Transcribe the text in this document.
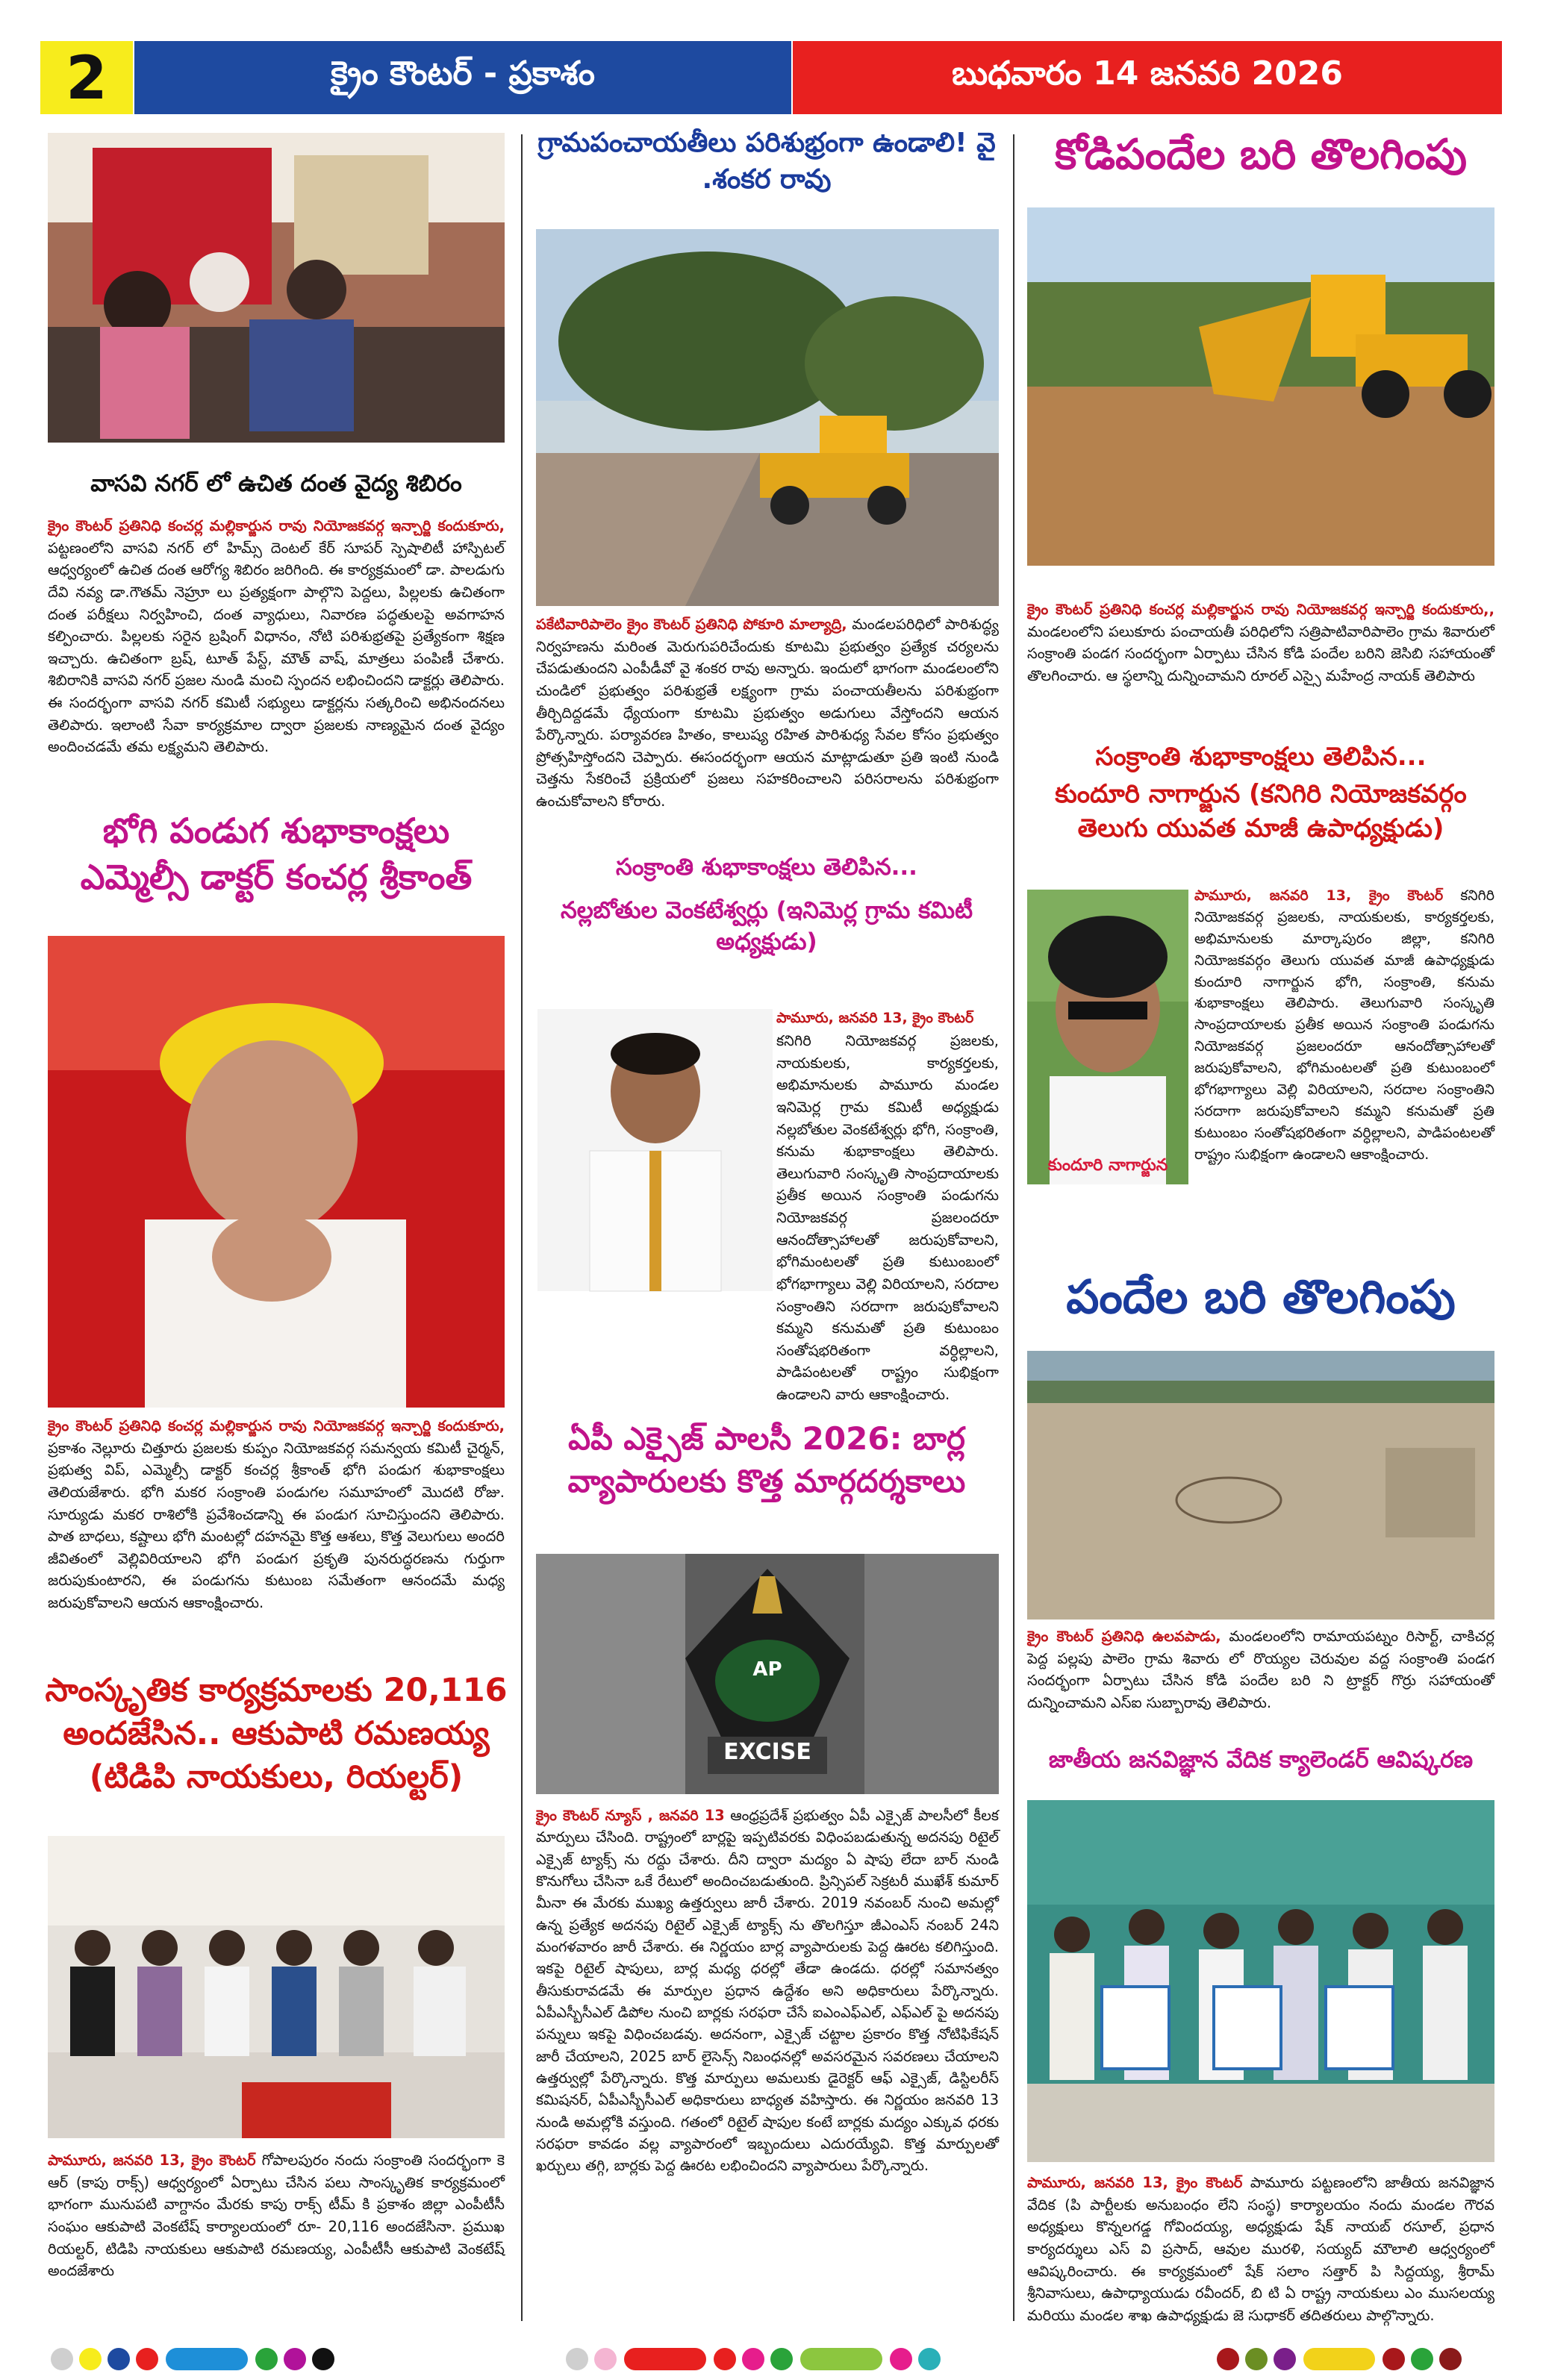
2	క్రైం కౌంటర్ - ప్రకాశం	బుధవారం 14 జనవరి 2026
వాసవి నగర్ లో ఉచిత దంత వైద్య శిబిరం
క్రైం కౌంటర్ ప్రతినిధి కంచర్ల మల్లికార్జున రావు నియోజకవర్గ ఇన్చార్జి కందుకూరు, పట్టణంలోని వాసవి నగర్ లో హిమ్స్ దెంటల్ కేర్ సూపర్ స్పెషాలిటీ హాస్పిటల్ ఆధ్వర్యంలో ఉచిత దంత ఆరోగ్య శిబిరం జరిగింది. ఈ కార్యక్రమంలో డా. పాలడుగు దేవి నవ్య డా.గౌతమ్ నెహ్రూ లు ప్రత్యక్షంగా పాల్గొని పెద్దలు, పిల్లలకు ఉచితంగా దంత పరీక్షలు నిర్వహించి, దంత వ్యాధులు, నివారణ పద్ధతులపై అవగాహన కల్పించారు. పిల్లలకు సరైన బ్రషింగ్ విధానం, నోటి పరిశుభ్రతపై ప్రత్యేకంగా శిక్షణ ఇచ్చారు. ఉచితంగా బ్రష్, టూత్ పేస్ట్, మౌత్ వాష్, మాత్రలు పంపిణీ చేశారు. శిబిరానికి వాసవి నగర్ ప్రజల నుండి మంచి స్పందన లభించిందని డాక్టర్లు తెలిపారు. ఈ సందర్భంగా వాసవి నగర్ కమిటీ సభ్యులు డాక్టర్లను సత్కరించి అభినందనలు తెలిపారు. ఇలాంటి సేవా కార్యక్రమాల ద్వారా ప్రజలకు నాణ్యమైన దంత వైద్యం అందించడమే తమ లక్ష్యమని తెలిపారు.
భోగి పండుగ శుభాకాంక్షలు ఎమ్మెల్సీ డాక్టర్ కంచర్ల శ్రీకాంత్
క్రైం కౌంటర్ ప్రతినిధి కంచర్ల మల్లికార్జున రావు నియోజకవర్గ ఇన్చార్జి కందుకూరు, ప్రకాశం నెల్లూరు చిత్తూరు ప్రజలకు కుప్పం నియోజకవర్గ సమన్వయ కమిటీ చైర్మన్, ప్రభుత్వ విప్, ఎమ్మెల్సీ డాక్టర్ కంచర్ల శ్రీకాంత్ భోగి పండుగ శుభాకాంక్షలు తెలియజేశారు. భోగి మకర సంక్రాంతి పండుగల సమూహంలో మొదటి రోజు. సూర్యుడు మకర రాశిలోకి ప్రవేశించడాన్ని ఈ పండుగ సూచిస్తుందని తెలిపారు. పాత బాధలు, కష్టాలు భోగి మంటల్లో దహనమై కొత్త ఆశలు, కొత్త వెలుగులు అందరి జీవితంలో వెల్లివిరియాలని భోగి పండుగ ప్రకృతి పునరుద్ధరణను గుర్తుగా జరుపుకుంటారని, ఈ పండుగను కుటుంబ సమేతంగా ఆనందమే మధ్య జరుపుకోవాలని ఆయన ఆకాంక్షించారు.
సాంస్కృతిక కార్యక్రమాలకు 20,116 అందజేసిన.. ఆకుపాటి రమణయ్య (టిడిపి నాయకులు, రియల్టర్)
పామూరు, జనవరి 13, క్రైం కౌంటర్ గోపాలపురం నందు సంక్రాంతి సందర్భంగా కె ఆర్ (కాపు రాక్స్) ఆధ్వర్యంలో ఏర్పాటు చేసిన పలు సాంస్కృతిక కార్యక్రమంలో భాగంగా మునుపటి వాగ్దానం మేరకు కాపు రాక్స్ టీమ్ కి ప్రకాశం జిల్లా ఎంపీటీసీ సంఘం ఆకుపాటి వెంకటేష్ కార్యాలయంలో రూ- 20,116 అందజేసినా. ప్రముఖ రియల్టర్, టిడిపి నాయకులు ఆకుపాటి రమణయ్య, ఎంపీటీసీ ఆకుపాటి వెంకటేష్ అందజేశారు
గ్రామపంచాయతీలు పరిశుభ్రంగా ఉండాలి! వై .శంకర రావు
పకేటివారిపాలెం క్రైం కౌంటర్ ప్రతినిధి పోకూరి మాల్యాద్రి, మండలపరిధిలో పారిశుద్ధ్య నిర్వహణను మరింత మెరుగుపరిచేందుకు కూటమి ప్రభుత్వం ప్రత్యేక చర్యలను చేపడుతుందని ఎంపీడీవో వై శంకర రావు అన్నారు. ఇందులో భాగంగా మండలంలోని చుండిలో ప్రభుత్వం పరిశుభ్రతే లక్ష్యంగా గ్రామ పంచాయతీలను పరిశుభ్రంగా తీర్చిదిద్దడమే ధ్యేయంగా కూటమి ప్రభుత్వం అడుగులు వేస్తోందని ఆయన పేర్కొన్నారు. పర్యావరణ హితం, కాలుష్య రహిత పారిశుధ్య సేవల కోసం ప్రభుత్వం ప్రోత్సహిస్తోందని చెప్పారు. ఈసందర్భంగా ఆయన మాట్లాడుతూ ప్రతి ఇంటి నుండి చెత్తను సేకరించే ప్రక్రియలో ప్రజలు సహకరించాలని పరిసరాలను పరిశుభ్రంగా ఉంచుకోవాలని కోరారు.
సంక్రాంతి శుభాకాంక్షలు తెలిపిన...
నల్లబోతుల వెంకటేశ్వర్లు (ఇనిమెర్ల గ్రామ కమిటీ అధ్యక్షుడు)
పామూరు, జనవరి 13, క్రైం కౌంటర్
కనిగిరి నియోజకవర్గ ప్రజలకు, నాయకులకు, కార్యకర్తలకు, అభిమానులకు పామూరు మండల ఇనిమెర్ల గ్రామ కమిటీ అధ్యక్షుడు నల్లబోతుల వెంకటేశ్వర్లు భోగి, సంక్రాంతి, కనుమ శుభాకాంక్షలు తెలిపారు. తెలుగువారి సంస్కృతి సాంప్రదాయాలకు ప్రతీక అయిన సంక్రాంతి పండుగను నియోజకవర్గ ప్రజలందరూ ఆనందోత్సాహాలతో జరుపుకోవాలని, భోగిమంటలతో ప్రతి కుటుంబంలో భోగభాగ్యాలు వెల్లి విరియాలని, సరదాల సంక్రాంతిని సరదాగా జరుపుకోవాలని కమ్మని కనుమతో ప్రతి కుటుంబం సంతోషభరితంగా వర్ధిల్లాలని, పాడిపంటలతో రాష్ట్రం సుభిక్షంగా ఉండాలని వారు ఆకాంక్షించారు.
ఏపీ ఎక్సైజ్ పాలసీ 2026: బార్ల వ్యాపారులకు కొత్త మార్గదర్శకాలు
AP
EXCISE
క్రైం కౌంటర్ న్యూస్ , జనవరి 13 ఆంధ్రప్రదేశ్ ప్రభుత్వం ఏపీ ఎక్సైజ్ పాలసీలో కీలక మార్పులు చేసింది. రాష్ట్రంలో బార్లపై ఇప్పటివరకు విధింపబడుతున్న అదనపు రిటైల్ ఎక్సైజ్ ట్యాక్స్ ను రద్దు చేశారు. దీని ద్వారా మద్యం ఏ షాపు లేదా బార్ నుండి కొనుగోలు చేసినా ఒకే రేటులో అందించబడుతుంది. ప్రిన్సిపల్ సెక్రటరీ ముఖేశ్ కుమార్ మీనా ఈ మేరకు ముఖ్య ఉత్తర్వులు జారీ చేశారు. 2019 నవంబర్ నుంచి అమల్లో ఉన్న ప్రత్యేక అదనపు రిటైల్ ఎక్సైజ్ ట్యాక్స్ ను తొలగిస్తూ జీఎంఎస్ నంబర్ 24ని మంగళవారం జారీ చేశారు. ఈ నిర్ణయం బార్ల వ్యాపారులకు పెద్ద ఊరట కలిగిస్తుంది. ఇకపై రిటైల్ షాపులు, బార్ల మధ్య ధరల్లో తేడా ఉండదు. ధరల్లో సమానత్వం తీసుకురావడమే ఈ మార్పుల ప్రధాన ఉద్దేశం అని అధికారులు పేర్కొన్నారు. ఏపీఎస్బీసీఎల్ డిపోల నుంచి బార్లకు సరఫరా చేసే ఐఎంఎఫ్ఎల్, ఎఫ్ఎల్ పై అదనపు పన్నులు ఇకపై విధించబడవు. అదనంగా, ఎక్సైజ్ చట్టాల ప్రకారం కొత్త నోటిఫికేషన్ జారీ చేయాలని, 2025 బార్ లైసెన్స్ నిబంధనల్లో అవసరమైన సవరణలు చేయాలని ఉత్తర్వుల్లో పేర్కొన్నారు. కొత్త మార్పులు అమలుకు డైరెక్టర్ ఆఫ్ ఎక్సైజ్, డిస్టిలరీస్ కమిషనర్, ఏపీఎస్బీసీఎల్ అధికారులు బాధ్యత వహిస్తారు. ఈ నిర్ణయం జనవరి 13 నుండి అమల్లోకి వస్తుంది. గతంలో రిటైల్ షాపుల కంటే బార్లకు మద్యం ఎక్కువ ధరకు సరఫరా కావడం వల్ల వ్యాపారంలో ఇబ్బందులు ఎదురయ్యేవి. కొత్త మార్పులతో ఖర్చులు తగ్గి, బార్లకు పెద్ద ఊరట లభించిందని వ్యాపారులు పేర్కొన్నారు.
కోడిపందేల బరి తొలగింపు
క్రైం కౌంటర్ ప్రతినిధి కంచర్ల మల్లికార్జున రావు నియోజకవర్గ ఇన్చార్జి కందుకూరు,, మండలంలోని పలుకూరు పంచాయతీ పరిధిలోని సత్రిపాటివారిపాలెం గ్రామ శివారులో సంక్రాంతి పండగ సందర్భంగా ఏర్పాటు చేసిన కోడి పందేల బరిని జెసిబి సహాయంతో తొలగించారు. ఆ స్థలాన్ని దున్నించామని రూరల్ ఎస్సై మహేంద్ర నాయక్ తెలిపారు
సంక్రాంతి శుభాకాంక్షలు తెలిపిన...
కుందూరి నాగార్జున (కనిగిరి నియోజకవర్గం తెలుగు యువత మాజీ ఉపాధ్యక్షుడు)
కుందూరి నాగార్జున
పామూరు, జనవరి 13, క్రైం కౌంటర్ కనిగిరి నియోజకవర్గ ప్రజలకు, నాయకులకు, కార్యకర్తలకు, అభిమానులకు మార్కాపురం జిల్లా, కనిగిరి నియోజకవర్గం తెలుగు యువత మాజీ ఉపాధ్యక్షుడు కుందూరి నాగార్జున భోగి, సంక్రాంతి, కనుమ శుభాకాంక్షలు తెలిపారు. తెలుగువారి సంస్కృతి సాంప్రదాయాలకు ప్రతీక అయిన సంక్రాంతి పండుగను నియోజకవర్గ ప్రజలందరూ ఆనందోత్సాహాలతో జరుపుకోవాలని, భోగిమంటలతో ప్రతి కుటుంబంలో భోగభాగ్యాలు వెల్లి విరియాలని, సరదాల సంక్రాంతిని సరదాగా జరుపుకోవాలని కమ్మని కనుమతో ప్రతి కుటుంబం సంతోషభరితంగా వర్ధిల్లాలని, పాడిపంటలతో రాష్ట్రం సుభిక్షంగా ఉండాలని ఆకాంక్షించారు.
పందేల బరి తొలగింపు
క్రైం కౌంటర్ ప్రతినిధి ఉలవపాడు, మండలంలోని రామాయపట్నం రిసార్ట్, చాకిచర్ల పెద్ద పల్లపు పాలెం గ్రామ శివారు లో రొయ్యల చెరువుల వద్ద సంక్రాంతి పండగ సందర్భంగా ఏర్పాటు చేసిన కోడి పందేల బరి ని ట్రాక్టర్ గొర్రు సహాయంతో దున్నించామని ఎస్ఐ సుబ్బారావు తెలిపారు.
జాతీయ జనవిజ్ఞాన వేదిక క్యాలెండర్ ఆవిష్కరణ
పామూరు, జనవరి 13, క్రైం కౌంటర్ పామూరు పట్టణంలోని జాతీయ జనవిజ్ఞాన వేదిక (పి పార్టీలకు అనుబంధం లేని సంస్థ) కార్యాలయం నందు మండల గౌరవ అధ్యక్షులు కొన్నలగడ్డ గోవిందయ్య, అధ్యక్షుడు షేక్ నాయబ్ రసూల్, ప్రధాన కార్యదర్శులు ఎస్ వి ప్రసాద్, ఆవుల మురళి, సయ్యద్ మౌలాలి ఆధ్వర్యంలో ఆవిష్కరించారు. ఈ కార్యక్రమంలో షేక్ సలాం సత్తార్ పి సిద్దయ్య, శ్రీరామ్ శ్రీనివాసులు, ఉపాధ్యాయుడు రవీందర్, బి టి ఏ రాష్ట్ర నాయకులు ఎం ముసలయ్య మరియు మండల శాఖ ఉపాధ్యక్షుడు జె సుధాకర్ తదితరులు పాల్గొన్నారు.
